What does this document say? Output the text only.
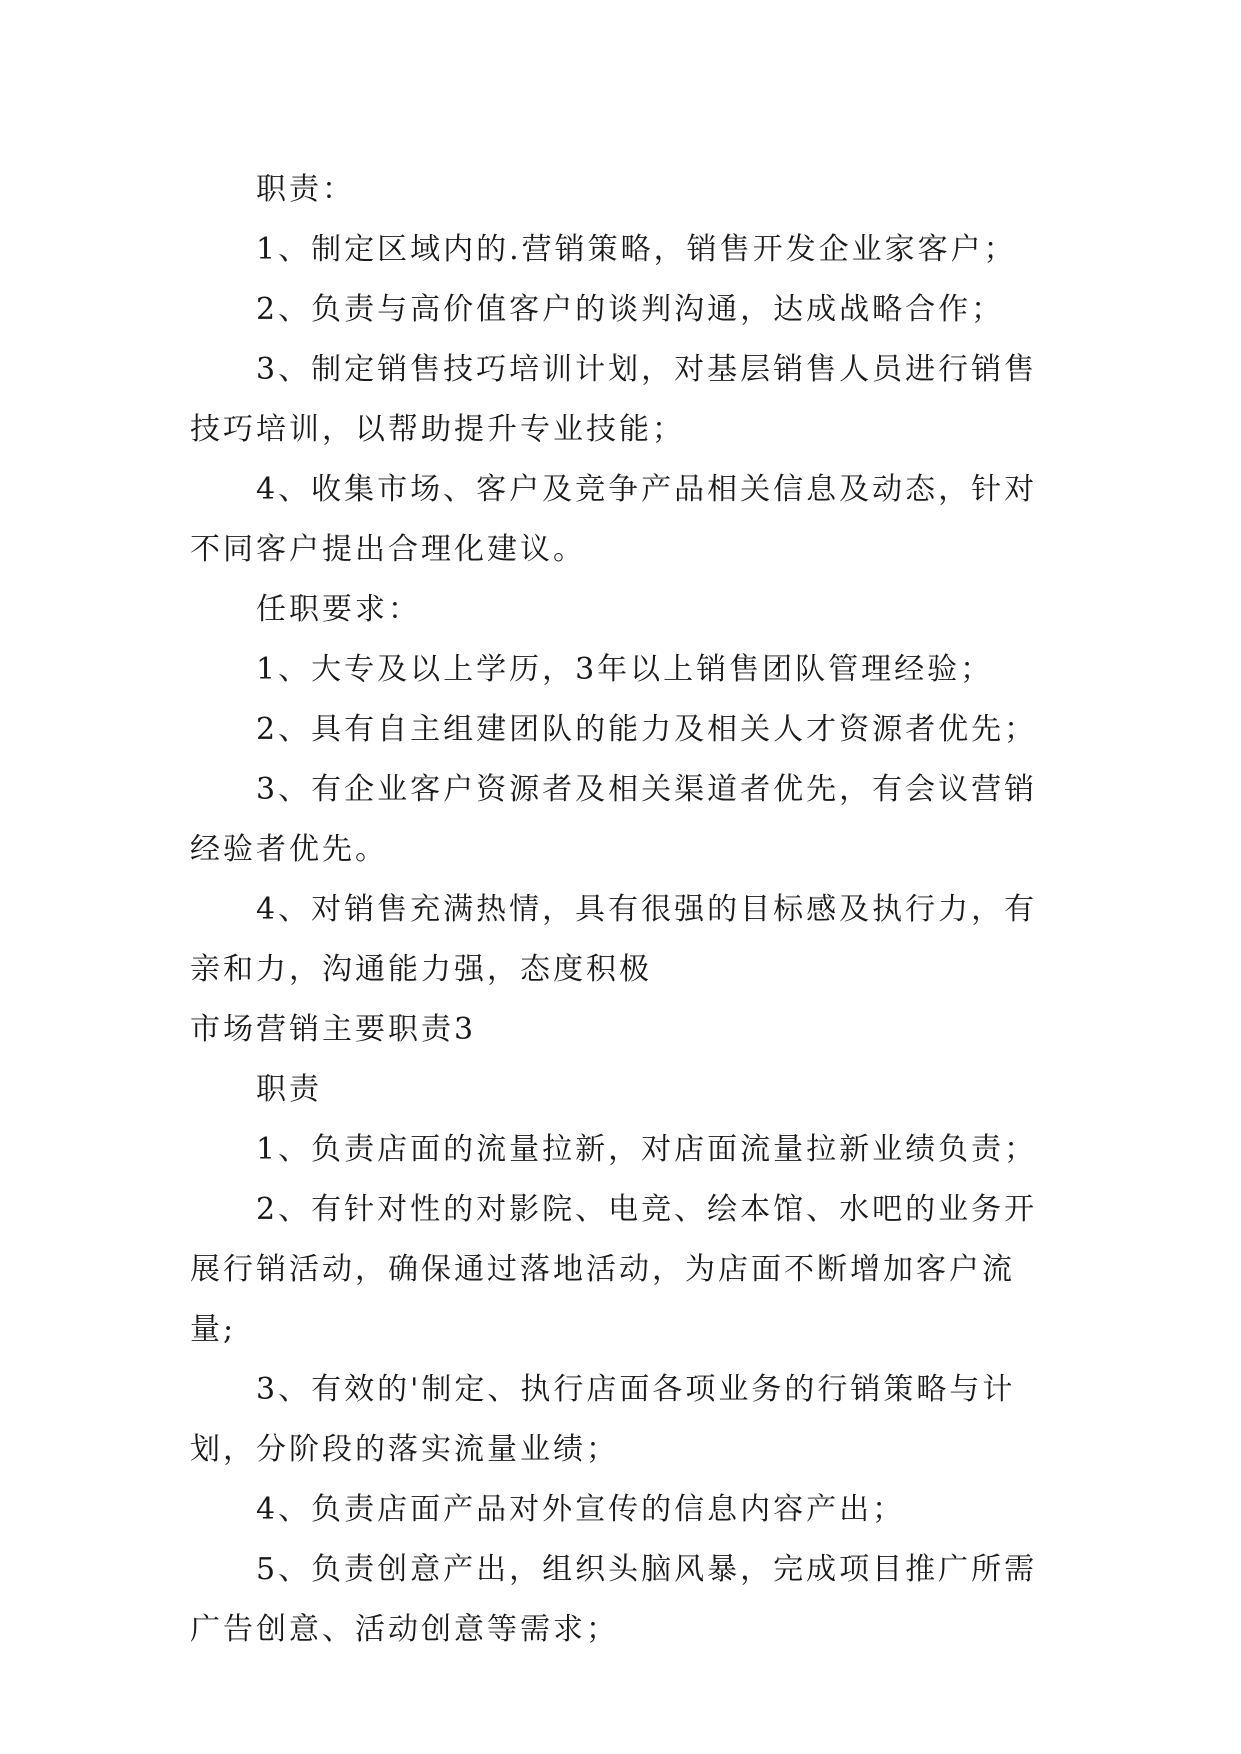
职责：

1、制定区域内的.营销策略，销售开发企业家客户；

2、负责与高价值客户的谈判沟通，达成战略合作；

3、制定销售技巧培训计划，对基层销售人员进行销售技巧培训，以帮助提升专业技能；

4、收集市场、客户及竞争产品相关信息及动态，针对不同客户提出合理化建议。

任职要求：

1、大专及以上学历，3年以上销售团队管理经验；

2、具有自主组建团队的能力及相关人才资源者优先；

3、有企业客户资源者及相关渠道者优先，有会议营销经验者优先。

4、对销售充满热情，具有很强的目标感及执行力，有亲和力，沟通能力强，态度积极

市场营销主要职责3

职责

1、负责店面的流量拉新，对店面流量拉新业绩负责；

2、有针对性的对影院、电竞、绘本馆、水吧的业务开展行销活动，确保通过落地活动，为店面不断增加客户流量;

3、有效的'制定、执行店面各项业务的行销策略与计划，分阶段的落实流量业绩；

4、负责店面产品对外宣传的信息内容产出；

5、负责创意产出，组织头脑风暴，完成项目推广所需广告创意、活动创意等需求；
